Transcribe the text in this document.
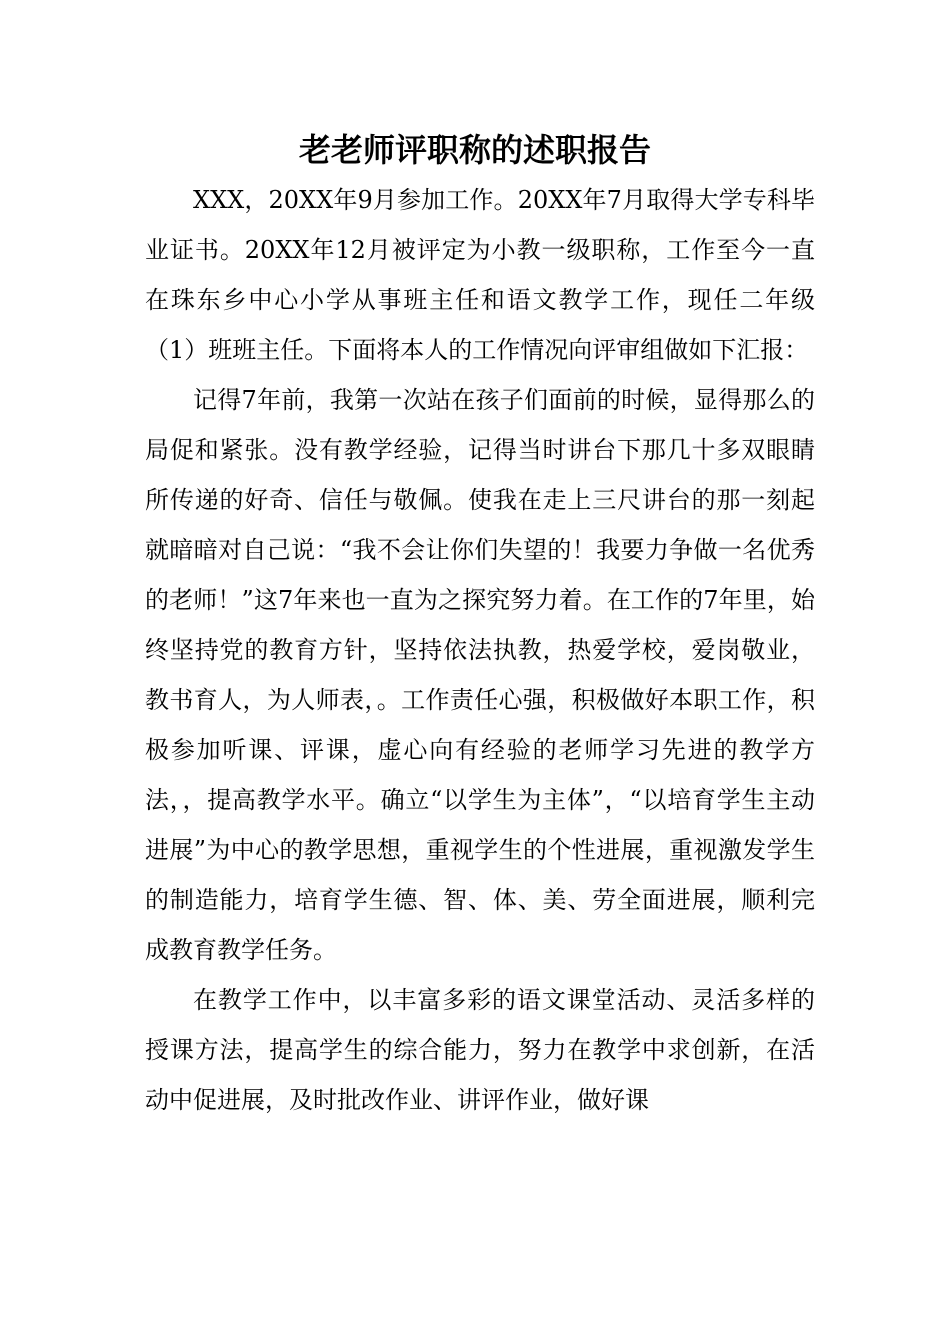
老老师评职称的述职报告

XXX，20XX年9月参加工作。20XX年7月取得大学专科毕业证书。20XX年12月被评定为小教一级职称，工作至今一直在珠东乡中心小学从事班主任和语文教学工作，现任二年级（1）班班主任。下面将本人的工作情况向评审组做如下汇报：

记得7年前，我第一次站在孩子们面前的时候，显得那么的局促和紧张。没有教学经验，记得当时讲台下那几十多双眼睛所传递的好奇、信任与敬佩。使我在走上三尺讲台的那一刻起就暗暗对自己说：“我不会让你们失望的！我要力争做一名优秀的老师！”这7年来也一直为之探究努力着。在工作的7年里，始终坚持党的教育方针，坚持依法执教，热爱学校，爱岗敬业，教书育人，为人师表，。工作责任心强，积极做好本职工作，积极参加听课、评课，虚心向有经验的老师学习先进的教学方法，，提高教学水平。确立“以学生为主体”，“以培育学生主动进展”为中心的教学思想，重视学生的个性进展，重视激发学生的制造能力，培育学生德、智、体、美、劳全面进展，顺利完成教育教学任务。

在教学工作中，以丰富多彩的语文课堂活动、灵活多样的授课方法，提高学生的综合能力，努力在教学中求创新，在活动中促进展，及时批改作业、讲评作业，做好课
